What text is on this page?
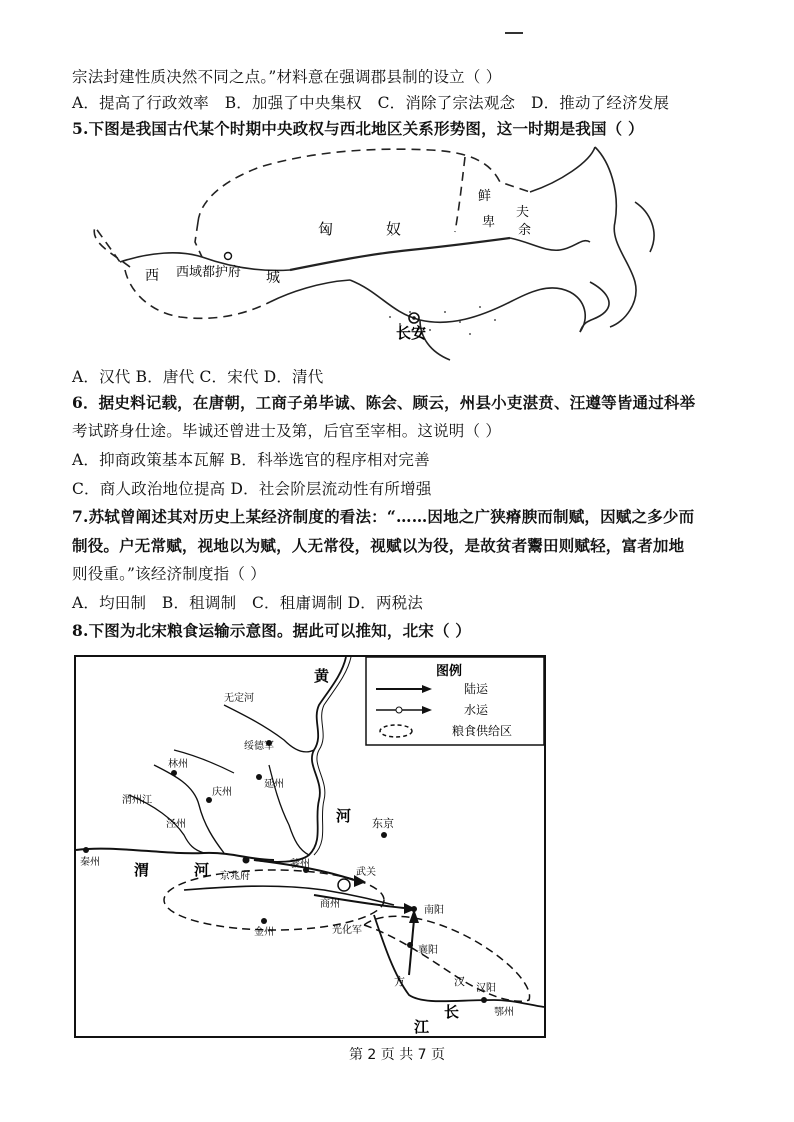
宗法封建性质决然不同之点。”材料意在强调郡县制的设立（ ）
A．提高了行政效率　B．加强了中央集权　C．消除了宗法观念　D．推动了经济发展
5.下图是我国古代某个时期中央政权与西北地区关系形势图，这一时期是我国（ ）
匈	奴
西 西域都护府 城
鲜
卑
夫
余
长安
A．汉代 B．唐代 C．宋代 D．清代
6．据史料记载，在唐朝，工商子弟毕诚、陈会、顾云，州县小吏湛贲、汪遵等皆通过科举
考试跻身仕途。毕诚还曾进士及第，后官至宰相。这说明（ ）
A．抑商政策基本瓦解 B．科举选官的程序相对完善
C．商人政治地位提高 D．社会阶层流动性有所增强
7.苏轼曾阐述其对历史上某经济制度的看法：“……因地之广狭瘠腴而制赋，因赋之多少而
制役。户无常赋，视地以为赋，人无常役，视赋以为役，是故贫者鬻田则赋轻，富者加地
则役重。”该经济制度指（ ）
A．均田制　B．租调制　C．租庸调制 D．两税法
8.下图为北宋粮食运输示意图。据此可以推知，北宋（ ）
图例
陆运
水运
粮食供给区
黄
河
渭	河
长
江
东京
秦州
绥德军
林州
庆州
延州
渭州江
泾州
京兆府
虢州
商州
金州	光化军
襄阳
南阳
武关
汉阳
鄂州
无定河
方	汉
第 2 页 共 7 页
